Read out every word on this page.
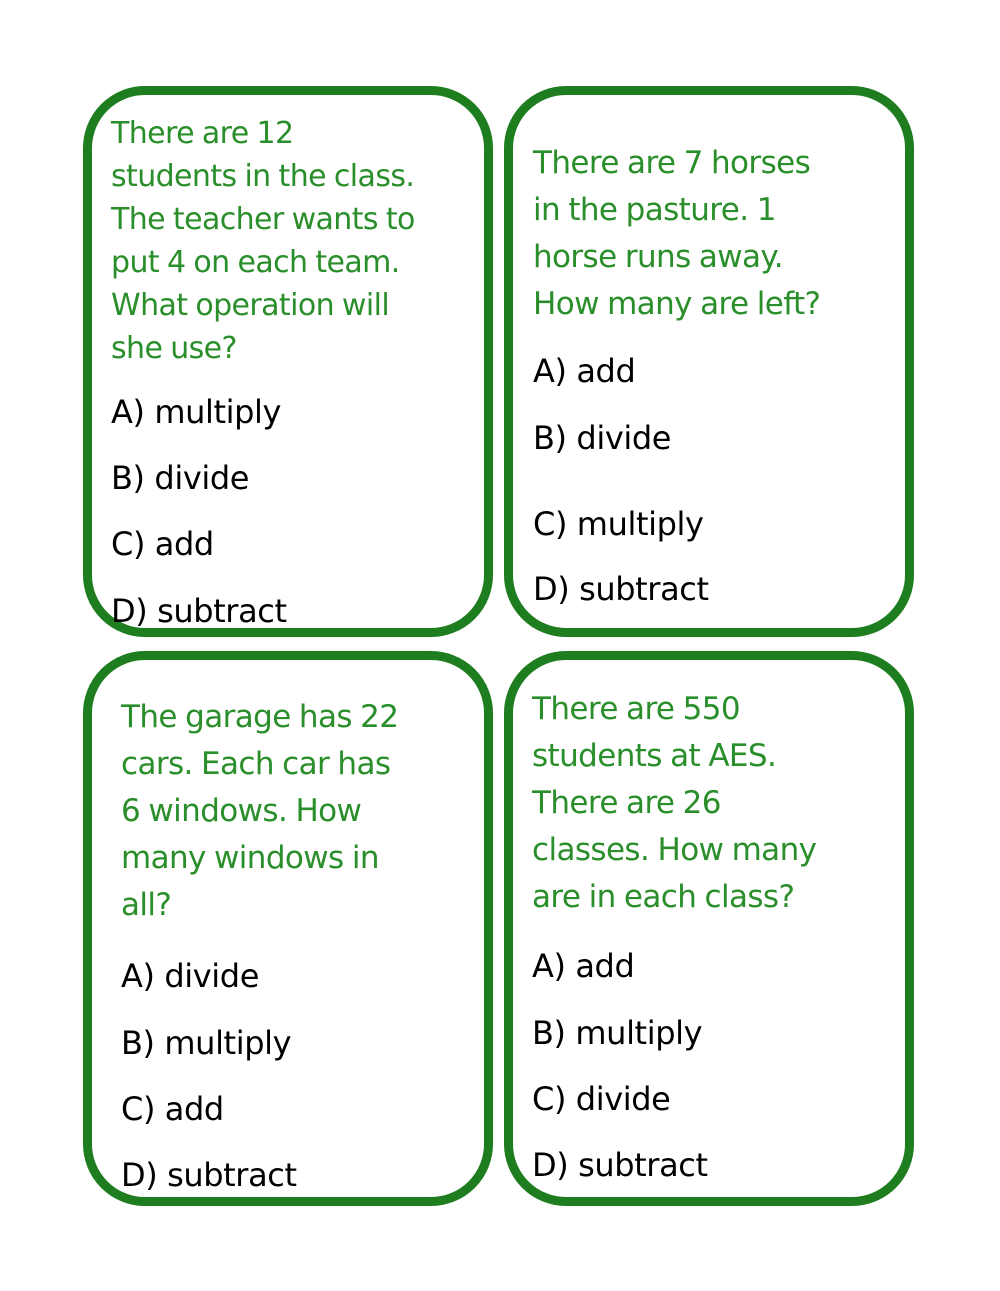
There are 12
students in the class.
The teacher wants to
put 4 on each team.
What operation will
she use?

A) multiply

B) divide

C) add

D) subtract

There are 7 horses
in the pasture. 1
horse runs away.
How many are left?

A) add

B) divide

C) multiply

D) subtract

The garage has 22
cars. Each car has
6 windows. How
many windows in
all?

A) divide

B) multiply

C) add

D) subtract

There are 550
students at AES.
There are 26
classes. How many
are in each class?

A) add

B) multiply

C) divide

D) subtract
